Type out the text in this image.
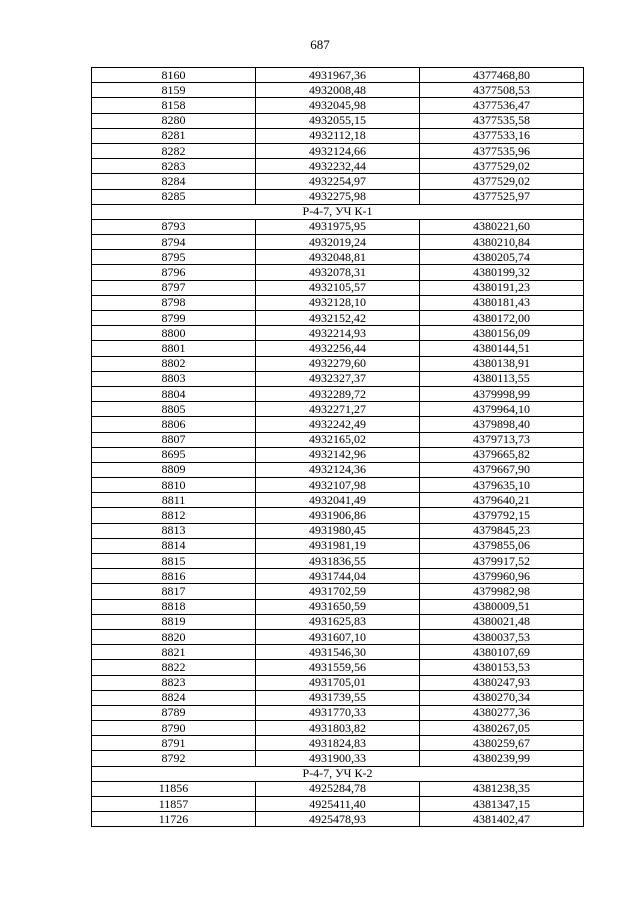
687
8160	4931967,36	4377468,80
8159	4932008,48	4377508,53
8158	4932045,98	4377536,47
8280	4932055,15	4377535,58
8281	4932112,18	4377533,16
8282	4932124,66	4377535,96
8283	4932232,44	4377529,02
8284	4932254,97	4377529,02
8285	4932275,98	4377525,97
Р-4-7, УЧ К-1		
8793	4931975,95	4380221,60
8794	4932019,24	4380210,84
8795	4932048,81	4380205,74
8796	4932078,31	4380199,32
8797	4932105,57	4380191,23
8798	4932128,10	4380181,43
8799	4932152,42	4380172,00
8800	4932214,93	4380156,09
8801	4932256,44	4380144,51
8802	4932279,60	4380138,91
8803	4932327,37	4380113,55
8804	4932289,72	4379998,99
8805	4932271,27	4379964,10
8806	4932242,49	4379898,40
8807	4932165,02	4379713,73
8695	4932142,96	4379665,82
8809	4932124,36	4379667,90
8810	4932107,98	4379635,10
8811	4932041,49	4379640,21
8812	4931906,86	4379792,15
8813	4931980,45	4379845,23
8814	4931981,19	4379855,06
8815	4931836,55	4379917,52
8816	4931744,04	4379960,96
8817	4931702,59	4379982,98
8818	4931650,59	4380009,51
8819	4931625,83	4380021,48
8820	4931607,10	4380037,53
8821	4931546,30	4380107,69
8822	4931559,56	4380153,53
8823	4931705,01	4380247,93
8824	4931739,55	4380270,34
8789	4931770,33	4380277,36
8790	4931803,82	4380267,05
8791	4931824,83	4380259,67
8792	4931900,33	4380239,99
Р-4-7, УЧ К-2		
11856	4925284,78	4381238,35
11857	4925411,40	4381347,15
11726	4925478,93	4381402,47
